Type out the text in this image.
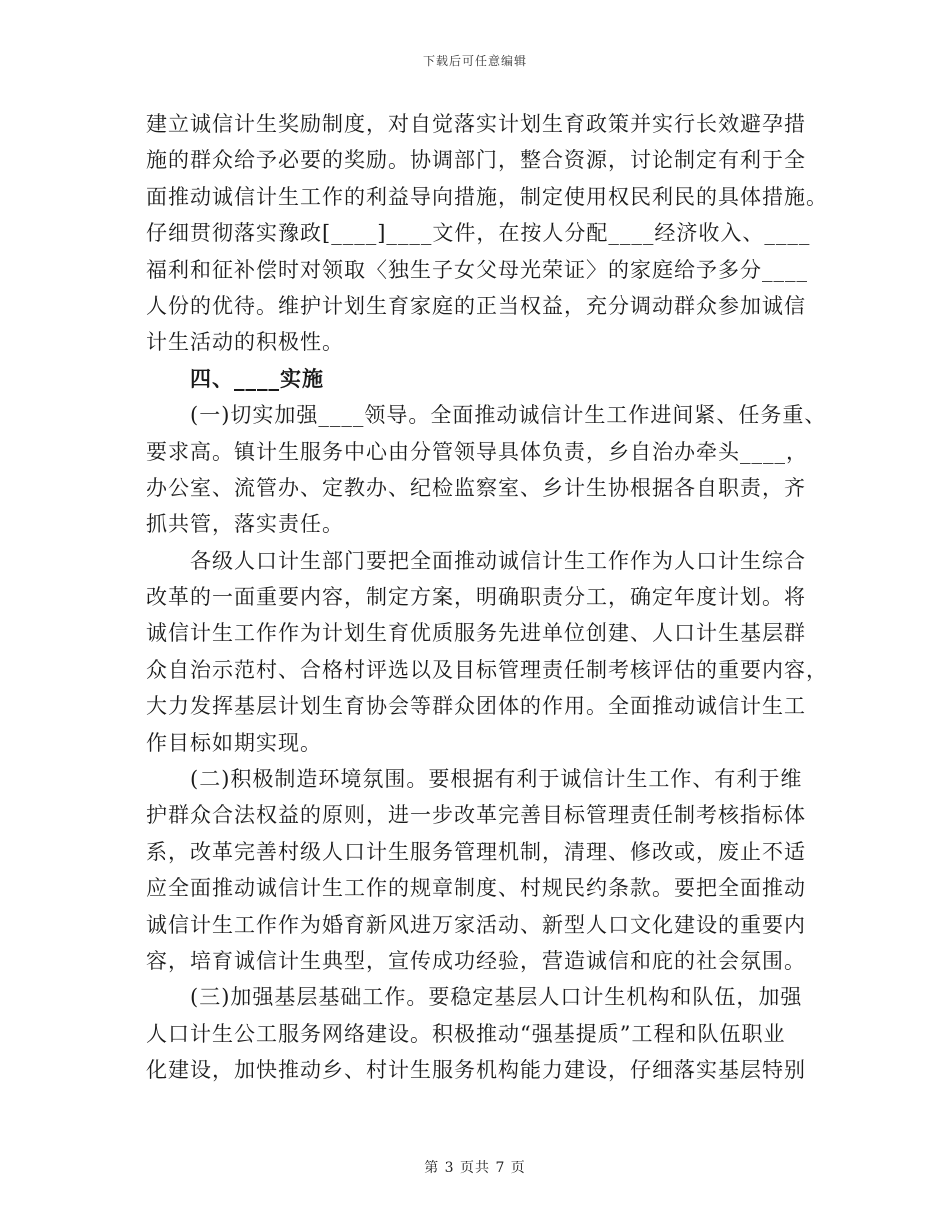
下载后可任意编辑
建立诚信计生奖励制度，对自觉落实计划生育政策并实行长效避孕措
施的群众给予必要的奖励。协调部门，整合资源，讨论制定有利于全
面推动诚信计生工作的利益导向措施，制定使用权民利民的具体措施。
仔细贯彻落实豫政[____]____文件，在按人分配____经济收入、____
福利和征补偿时对领取〈独生子女父母光荣证〉的家庭给予多分____
人份的优待。维护计划生育家庭的正当权益，充分调动群众参加诚信
计生活动的积极性。
四、____实施
(一)切实加强____领导。全面推动诚信计生工作进间紧、任务重、
要求高。镇计生服务中心由分管领导具体负责，乡自治办牵头____，
办公室、流管办、定教办、纪检监察室、乡计生协根据各自职责，齐
抓共管，落实责任。
各级人口计生部门要把全面推动诚信计生工作作为人口计生综合
改革的一面重要内容，制定方案，明确职责分工，确定年度计划。将
诚信计生工作作为计划生育优质服务先进单位创建、人口计生基层群
众自治示范村、合格村评选以及目标管理责任制考核评估的重要内容，
大力发挥基层计划生育协会等群众团体的作用。全面推动诚信计生工
作目标如期实现。
(二)积极制造环境氛围。要根据有利于诚信计生工作、有利于维
护群众合法权益的原则，进一步改革完善目标管理责任制考核指标体
系，改革完善村级人口计生服务管理机制，清理、修改或，废止不适
应全面推动诚信计生工作的规章制度、村规民约条款。要把全面推动
诚信计生工作作为婚育新风进万家活动、新型人口文化建设的重要内
容，培育诚信计生典型，宣传成功经验，营造诚信和庇的社会氛围。
(三)加强基层基础工作。要稳定基层人口计生机构和队伍，加强
人口计生公工服务网络建设。积极推动“强基提质”工程和队伍职业
化建设，加快推动乡、村计生服务机构能力建设，仔细落实基层特别
第 3 页共 7 页
